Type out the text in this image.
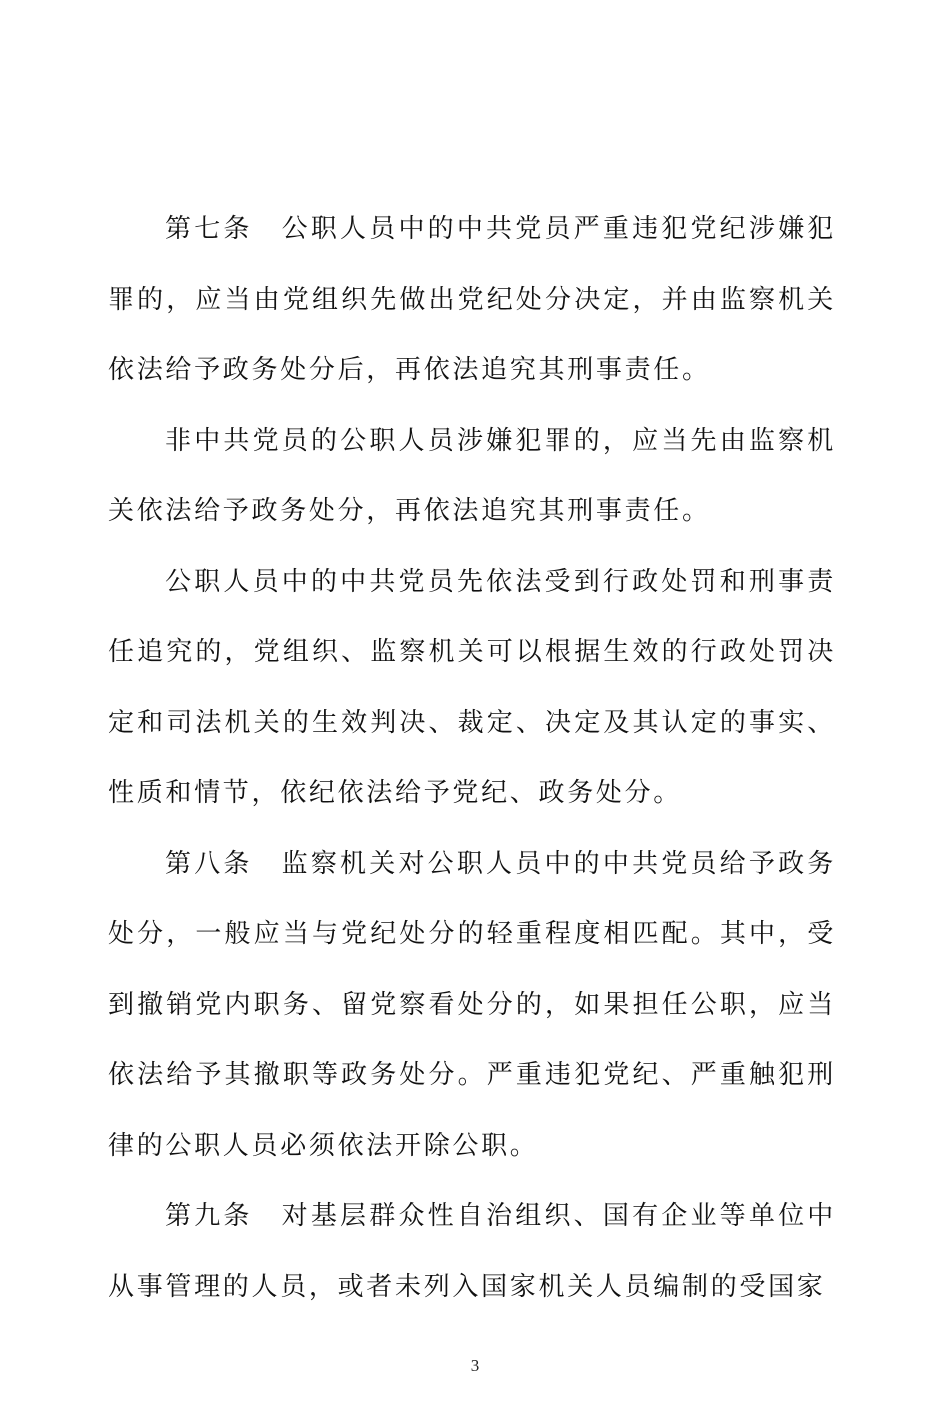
第七条 公职人员中的中共党员严重违犯党纪涉嫌犯罪的，应当由党组织先做出党纪处分决定，并由监察机关依法给予政务处分后，再依法追究其刑事责任。

非中共党员的公职人员涉嫌犯罪的，应当先由监察机关依法给予政务处分，再依法追究其刑事责任。

公职人员中的中共党员先依法受到行政处罚和刑事责任追究的，党组织、监察机关可以根据生效的行政处罚决定和司法机关的生效判决、裁定、决定及其认定的事实、性质和情节，依纪依法给予党纪、政务处分。

第八条 监察机关对公职人员中的中共党员给予政务处分，一般应当与党纪处分的轻重程度相匹配。其中，受到撤销党内职务、留党察看处分的，如果担任公职，应当依法给予其撤职等政务处分。严重违犯党纪、严重触犯刑律的公职人员必须依法开除公职。

第九条 对基层群众性自治组织、国有企业等单位中从事管理的人员，或者未列入国家机关人员编制的受国家

3
